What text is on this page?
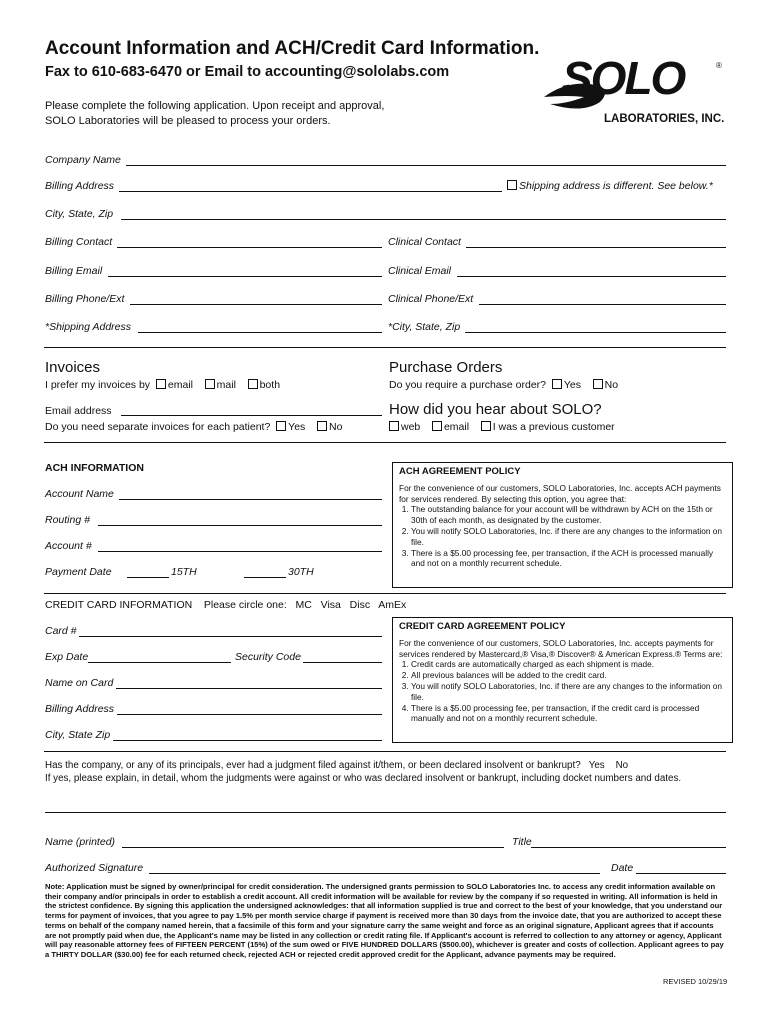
Account Information and ACH/Credit Card Information.
Fax to 610-683-6470 or Email to accounting@sololabs.com
Please complete the following application. Upon receipt and approval,
SOLO Laboratories will be pleased to process your orders.
SOLO	®
LABORATORIES, INC.
Company Name
Billing Address	Shipping address is different. See below.*
City, State, Zip
Billing Contact	Clinical Contact
Billing Email	Clinical Email
Billing Phone/Ext	Clinical Phone/Ext
*Shipping Address	*City, State, Zip
Invoices
I prefer my invoices by email mail both
Email address
Do you need separate invoices for each patient? Yes No
Purchase Orders
Do you require a purchase order? Yes No
How did you hear about SOLO?
web email I was a previous customer
ACH INFORMATION
Account Name
Routing #
Account #
Payment Date	15TH	30TH
ACH AGREEMENT POLICY
For the convenience of our customers, SOLO Laboratories, Inc. accepts ACH payments for services rendered. By selecting this option, you agree that:
1. The outstanding balance for your account will be withdrawn by ACH on the 15th or 30th of each month, as designated by the customer.
2. You will notify SOLO Laboratories, Inc. if there are any changes to the information on file.
3. There is a $5.00 processing fee, per transaction, if the ACH is processed manually and not on a monthly recurrent schedule.
CREDIT CARD INFORMATION Please circle one: MC Visa Disc AmEx
Card #
Exp Date	Security Code
Name on Card
Billing Address
City, State Zip
CREDIT CARD AGREEMENT POLICY
For the convenience of our customers, SOLO Laboratories, Inc. accepts payments for services rendered by Mastercard,® Visa,® Discover® & American Express.® Terms are:
1. Credit cards are automatically charged as each shipment is made.
2. All previous balances will be added to the credit card.
3. You will notify SOLO Laboratories, Inc. if there are any changes to the information on file.
4. There is a $5.00 processing fee, per transaction, if the credit card is processed manually and not on a monthly recurrent schedule.
Has the company, or any of its principals, ever had a judgment filed against it/them, or been declared insolvent or bankrupt? Yes No
If yes, please explain, in detail, whom the judgments were against or who was declared insolvent or bankrupt, including docket numbers and dates.
Name (printed)	Title
Authorized Signature	Date
Note: Application must be signed by owner/principal for credit consideration. The undersigned grants permission to SOLO Laboratories Inc. to access any credit information available on their company and/or principals in order to establish a credit account. All credit information will be available for review by the company if so requested in writing. All information is held in the strictest confidence. By signing this application the undersigned acknowledges: that all information supplied is true and correct to the best of your knowledge, that you understand our terms for payment of invoices, that you agree to pay 1.5% per month service charge if payment is received more than 30 days from the invoice date, that you are authorized to accept these terms on behalf of the company named herein, that a facsimile of this form and your signature carry the same weight and force as an original signature, Applicant agrees that if accounts are not promptly paid when due, the Applicant's name may be listed in any collection or credit rating file. If Applicant's account is referred to collection to any attorney or agency, Applicant will pay reasonable attorney fees of FIFTEEN PERCENT (15%) of the sum owed or FIVE HUNDRED DOLLARS ($500.00), whichever is greater and costs of collection. Applicant agrees to pay a THIRTY DOLLAR ($30.00) fee for each returned check, rejected ACH or rejected credit approved credit for the Applicant, advance payments may be required.
REVISED 10/29/19
